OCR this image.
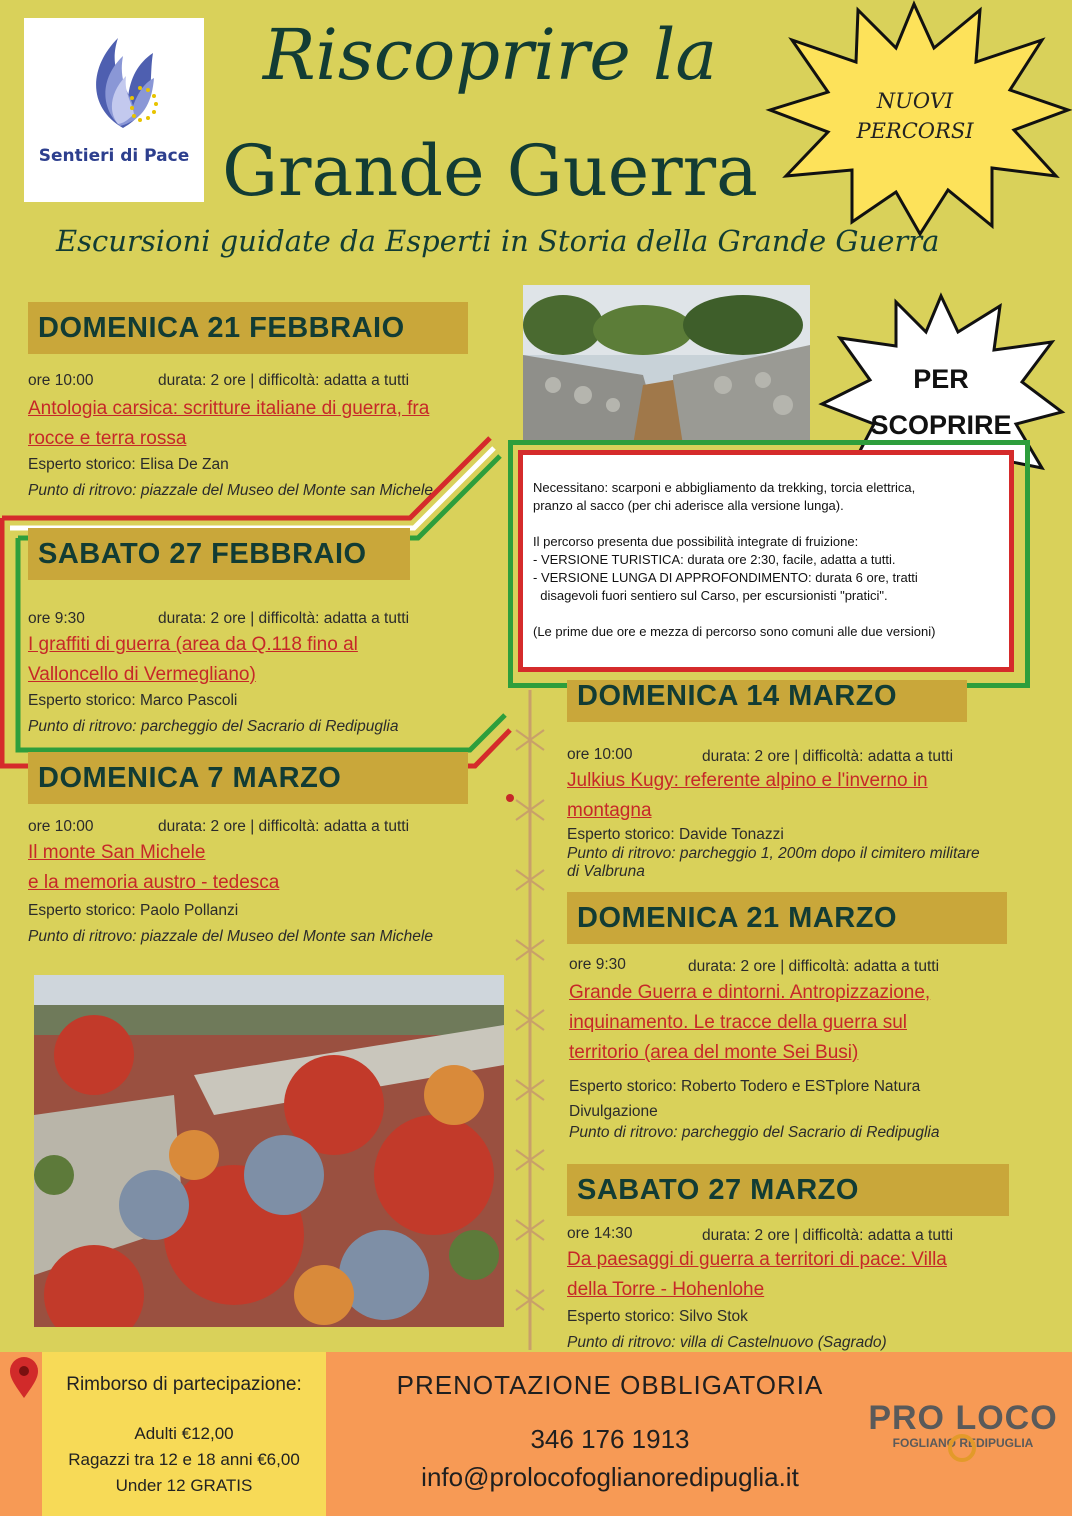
Sentieri di Pace
Riscoprire la
Grande Guerra
Escursioni guidate da Esperti in Storia della Grande Guerra
NUOVI
PERCORSI
PER SCOPRIRE
DOMENICA 21 FEBBRAIO
ore 10:00	durata: 2 ore | difficoltà: adatta a tutti
Antologia carsica: scritture italiane di guerra, fra
rocce e terra rossa
Esperto storico: Elisa De Zan
Punto di ritrovo: piazzale del Museo del Monte san Michele
SABATO 27 FEBBRAIO
ore 9:30	durata: 2 ore | difficoltà: adatta a tutti
I graffiti di guerra (area da Q.118 fino al
Valloncello di Vermegliano)
Esperto storico: Marco Pascoli
Punto di ritrovo: parcheggio del Sacrario di Redipuglia
DOMENICA 7 MARZO
ore 10:00	durata: 2 ore | difficoltà: adatta a tutti
Il monte San Michele
e la memoria austro - tedesca
Esperto storico: Paolo Pollanzi
Punto di ritrovo: piazzale del Museo del Monte san Michele

Necessitano: scarponi e abbigliamento da trekking, torcia elettrica,

pranzo al sacco (per chi aderisce alla versione lunga).

Il percorso presenta due possibilità integrate di fruizione:

- VERSIONE TURISTICA: durata ore 2:30, facile, adatta a tutti.

- VERSIONE LUNGA DI APPROFONDIMENTO: durata 6 ore, tratti

disagevoli fuori sentiero sul Carso, per escursionisti "pratici".

(Le prime due ore e mezza di percorso sono comuni alle due versioni)

DOMENICA 14 MARZO
ore 10:00	durata: 2 ore | difficoltà: adatta a tutti
Julkius Kugy: referente alpino e l'inverno in
montagna
Esperto storico: Davide Tonazzi
Punto di ritrovo: parcheggio 1, 200m dopo il cimitero militare
di Valbruna
DOMENICA 21 MARZO
ore 9:30	durata: 2 ore | difficoltà: adatta a tutti
Grande Guerra e dintorni. Antropizzazione,
inquinamento. Le tracce della guerra sul
territorio (area del monte Sei Busi)
Esperto storico: Roberto Todero e ESTplore Natura
Divulgazione
Punto di ritrovo: parcheggio del Sacrario di Redipuglia
SABATO 27 MARZO
ore 14:30	durata: 2 ore | difficoltà: adatta a tutti
Da paesaggi di guerra a territori di pace: Villa
della Torre - Hohenlohe
Esperto storico: Silvo Stok
Punto di ritrovo: villa di Castelnuovo (Sagrado)
Rimborso di partecipazione:
Adulti €12,00
Ragazzi tra 12 e 18 anni €6,00
Under 12 GRATIS
PRENOTAZIONE OBBLIGATORIA
346 176 1913
info@prolocofoglianoredipuglia.it
PRO LOCO
FOGLIANO REDIPUGLIA
